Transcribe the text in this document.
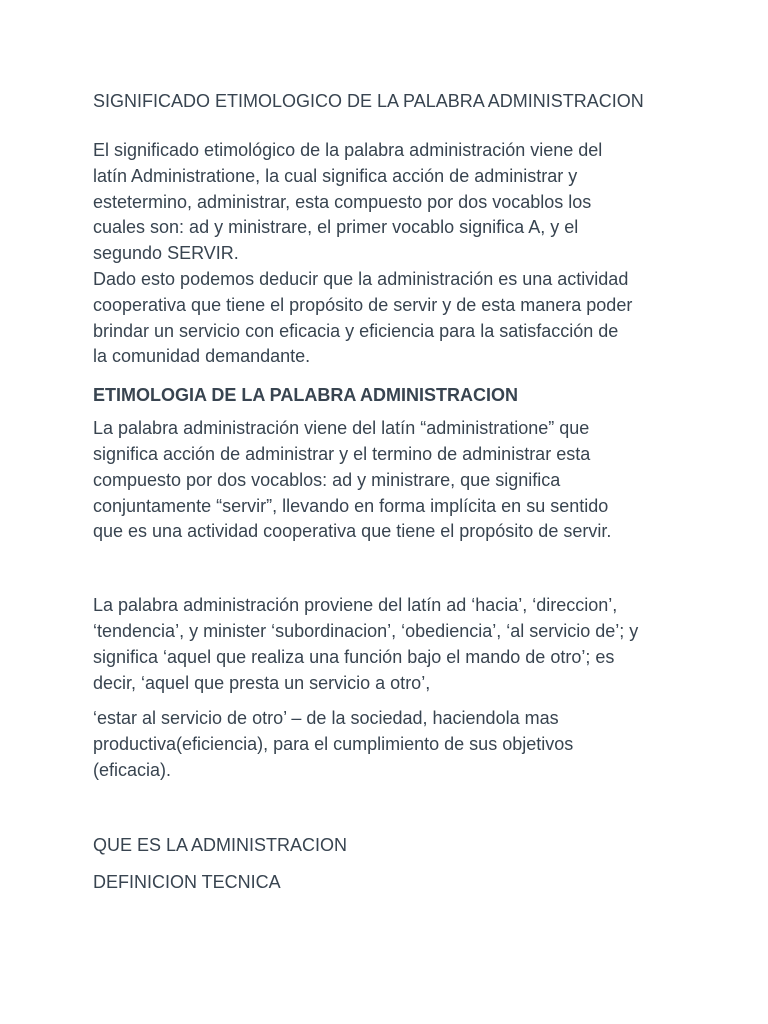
SIGNIFICADO ETIMOLOGICO DE LA PALABRA ADMINISTRACION

El significado etimológico de la palabra administración viene del
latín Administratione, la cual significa acción de administrar y
estetermino, administrar, esta compuesto por dos vocablos los
cuales son: ad y ministrare, el primer vocablo significa A, y el
segundo SERVIR.
Dado esto podemos deducir que la administración es una actividad
cooperativa que tiene el propósito de servir y de esta manera poder
brindar un servicio con eficacia y eficiencia para la satisfacción de
la comunidad demandante.

ETIMOLOGIA DE LA PALABRA ADMINISTRACION

La palabra administración viene del latín “administratione” que
significa acción de administrar y el termino de administrar esta
compuesto por dos vocablos: ad y ministrare, que significa
conjuntamente “servir”, llevando en forma implícita en su sentido
que es una actividad cooperativa que tiene el propósito de servir.

La palabra administración proviene del latín ad ‘hacia’, ‘direccion’,
‘tendencia’, y minister ‘subordinacion’, ‘obediencia’, ‘al servicio de’; y
significa ‘aquel que realiza una función bajo el mando de otro’; es
decir, ‘aquel que presta un servicio a otro’,

‘estar al servicio de otro’ – de la sociedad, haciendola mas
productiva(eficiencia), para el cumplimiento de sus objetivos
(eficacia).

QUE ES LA ADMINISTRACION
DEFINICION TECNICA
